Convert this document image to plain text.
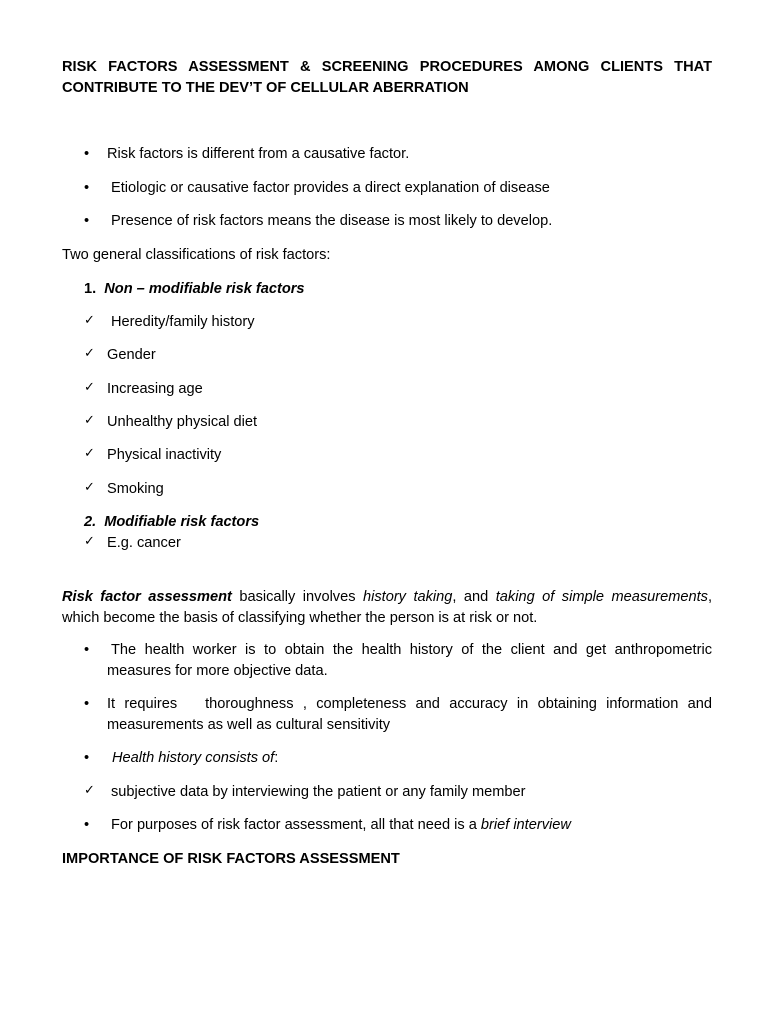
RISK FACTORS ASSESSMENT & SCREENING PROCEDURES AMONG CLIENTS THAT
CONTRIBUTE TO THE DEV’T OF CELLULAR ABERRATION
•	Risk factors is different from a causative factor.
•	Etiologic or causative factor provides a direct explanation of disease
•	Presence of risk factors means the disease is most likely to develop.
Two general classifications of risk factors:
1. Non – modifiable risk factors
✓	Heredity/family history
✓ Gender
✓ Increasing age
✓ Unhealthy physical diet
✓ Physical inactivity
✓ Smoking
2. Modifiable risk factors
✓ E.g. cancer
Risk factor assessment basically involves history taking, and taking of simple measurements,
which become the basis of classifying whether the person is at risk or not.
•	The health worker is to obtain the health history of the client and get anthropometric
measures for more objective data.
•	It requires   thoroughness , completeness and accuracy in obtaining information and
measurements as well as cultural sensitivity
•	Health history consists of:
✓	subjective data by interviewing the patient or any family member
•	For purposes of risk factor assessment, all that need is a brief interview
IMPORTANCE OF RISK FACTORS ASSESSMENT
